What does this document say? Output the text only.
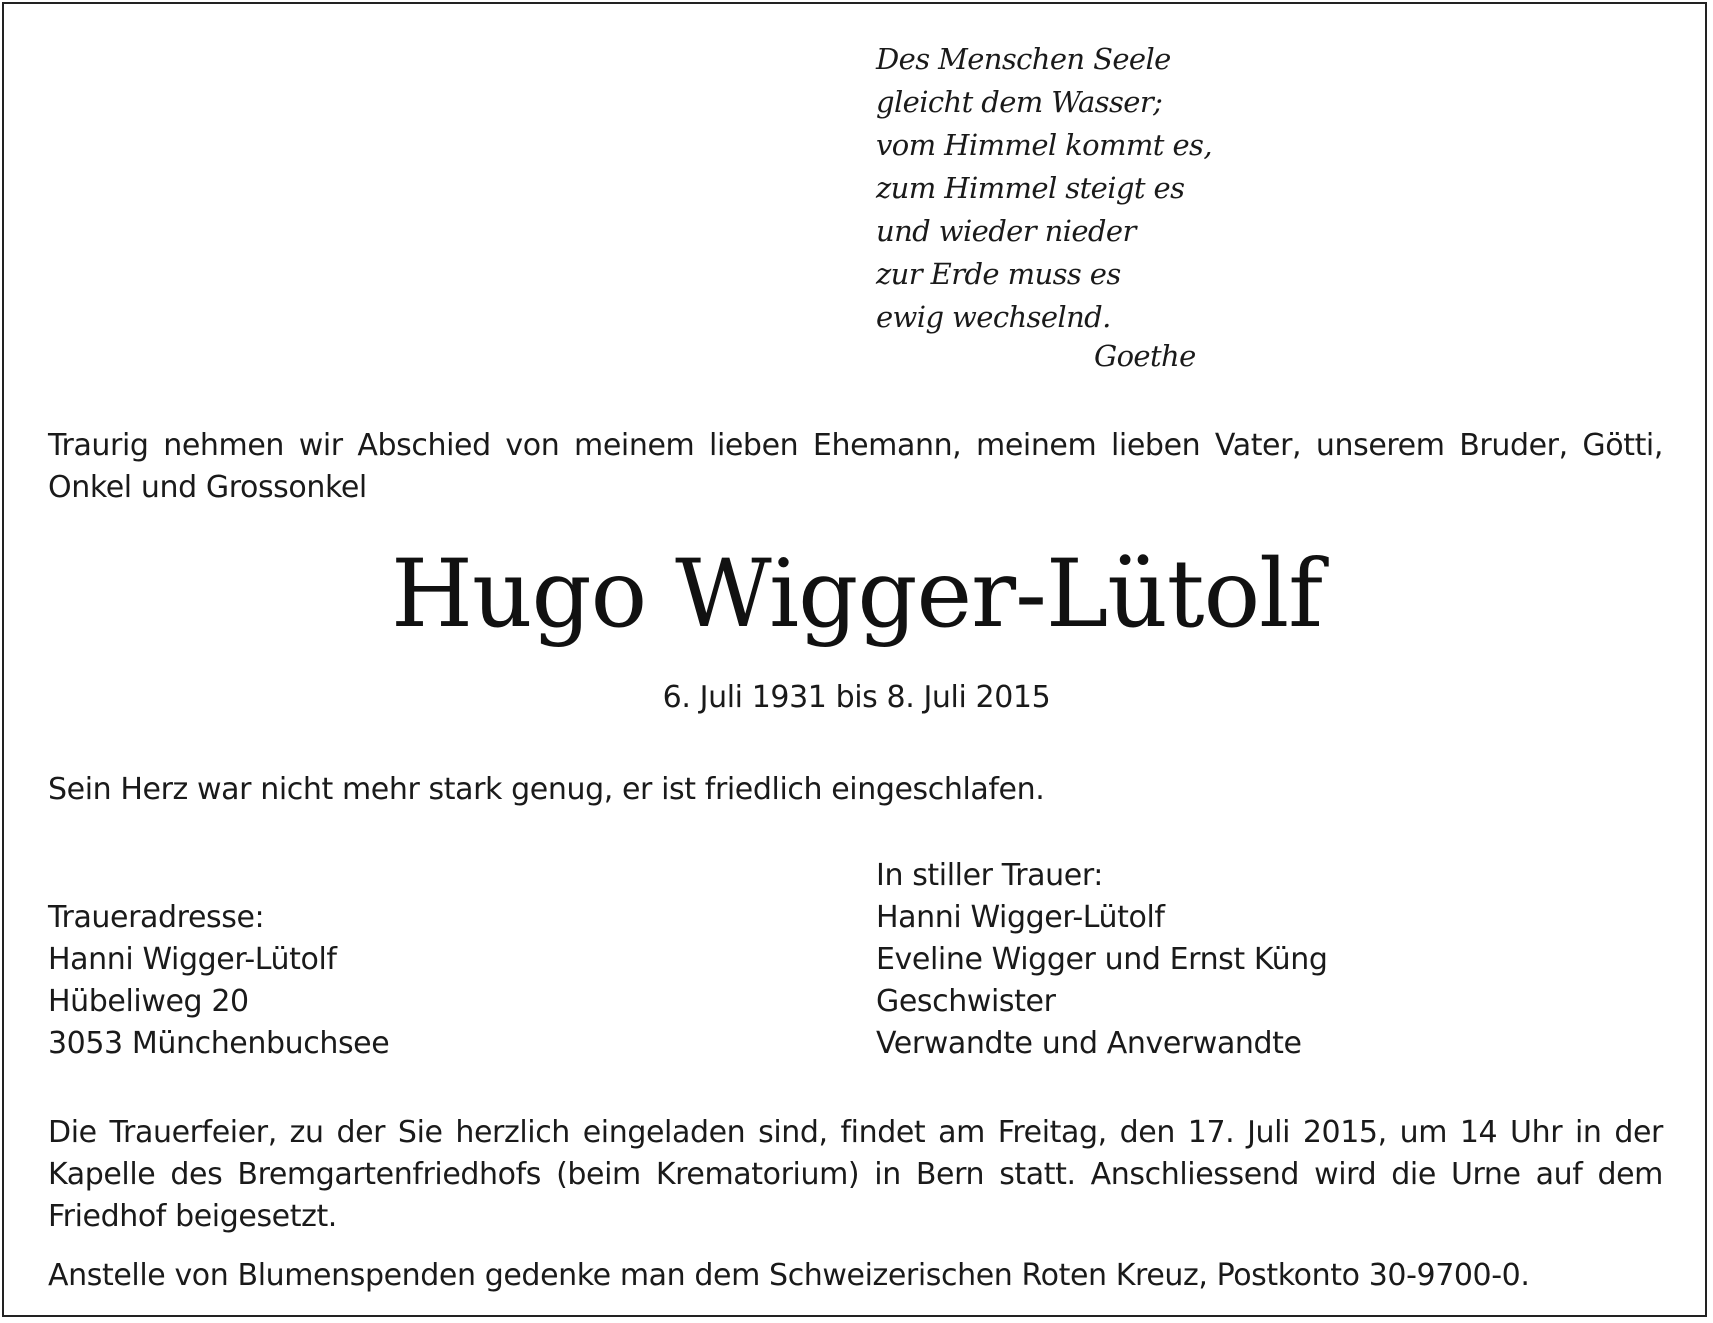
Des Menschen Seele
gleicht dem Wasser;
vom Himmel kommt es,
zum Himmel steigt es
und wieder nieder
zur Erde muss es
ewig wechselnd.
Goethe
Traurig nehmen wir Abschied von meinem lieben Ehemann, meinem lieben Vater, unserem Bruder, Götti, Onkel und Grossonkel
Hugo Wigger-Lütolf
6. Juli 1931 bis 8. Juli 2015
Sein Herz war nicht mehr stark genug, er ist friedlich eingeschlafen.
In stiller Trauer:
Hanni Wigger-Lütolf
Eveline Wigger und Ernst Küng
Geschwister
Verwandte und Anverwandte
Traueradresse:
Hanni Wigger-Lütolf
Hübeliweg 20
3053 Münchenbuchsee
Die Trauerfeier, zu der Sie herzlich eingeladen sind, findet am Freitag, den 17. Juli 2015, um 14 Uhr in der Kapelle des Bremgartenfriedhofs (beim Krematorium) in Bern statt. Anschliessend wird die Urne auf dem Friedhof beigesetzt.
Anstelle von Blumenspenden gedenke man dem Schweizerischen Roten Kreuz, Postkonto 30-9700-0.
